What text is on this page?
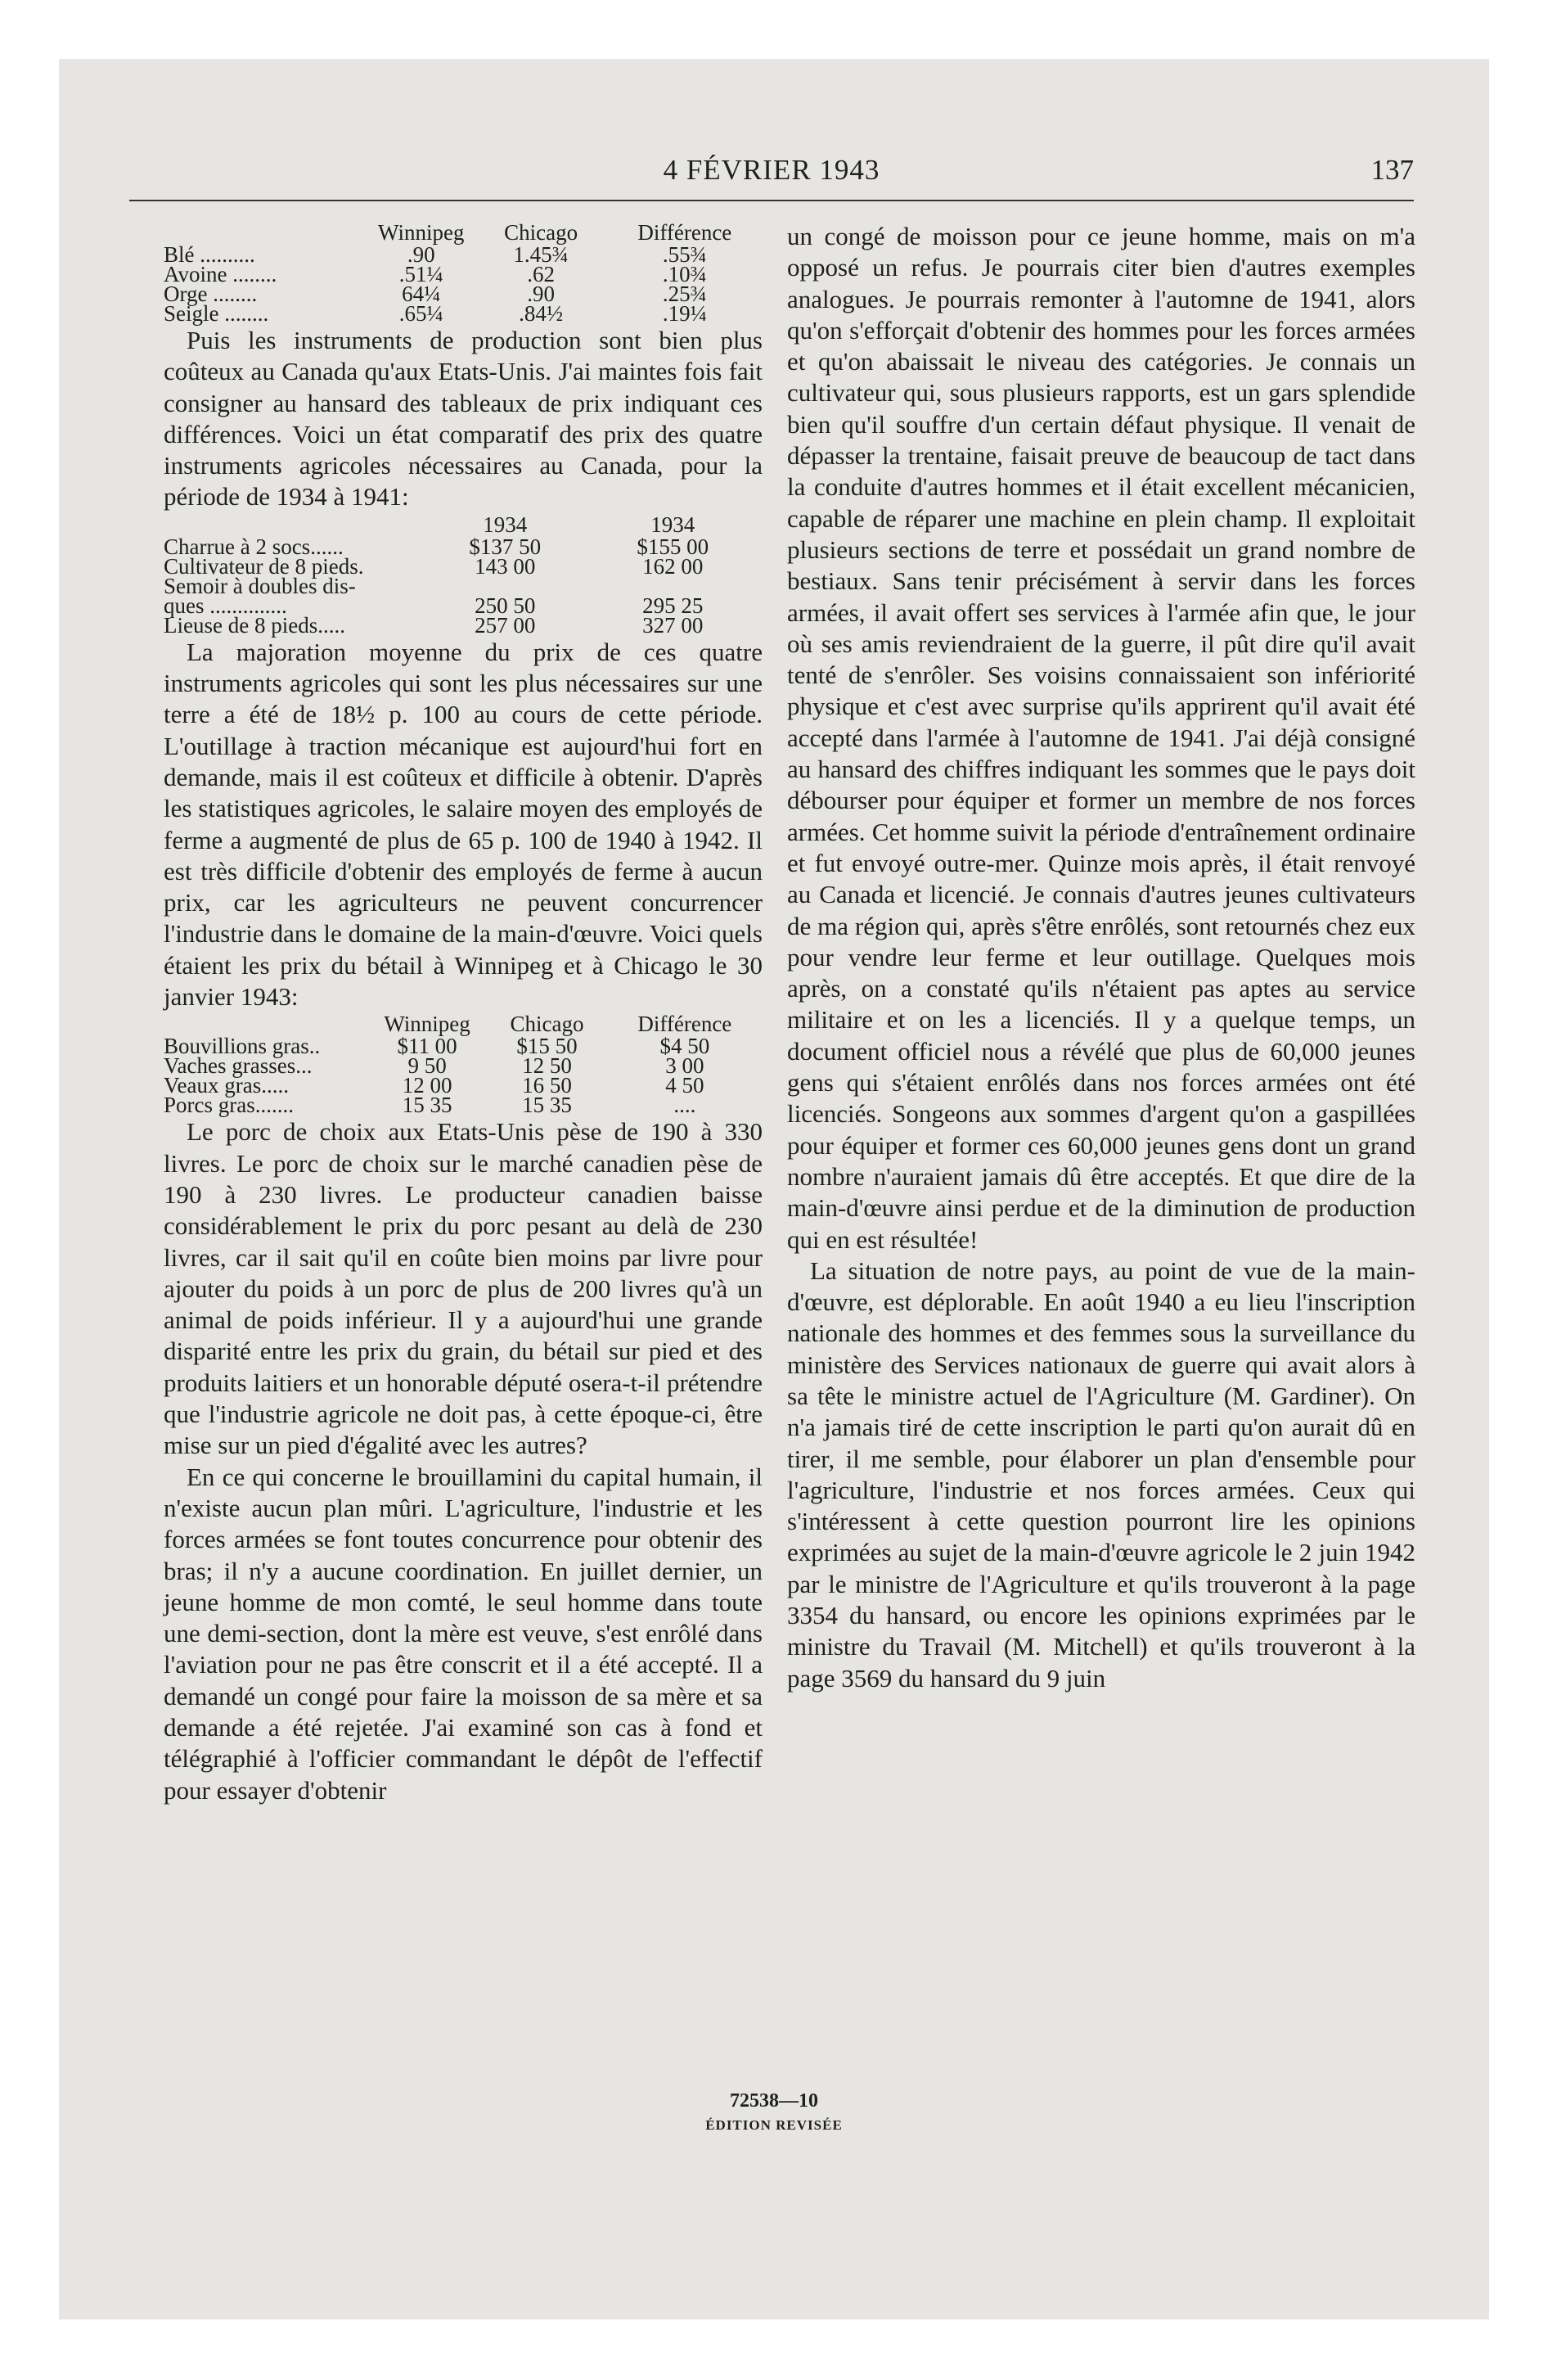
4 FÉVRIER 1943	137
	Winnipeg	Chicago	Différence
Blé ..........	.90	1.45¾	.55¾
Avoine ........	.51¼	.62	.10¾
Orge ........	64¼	.90	.25¾
Seigle ........	.65¼	.84½	.19¼

Puis les instruments de production sont bien plus coûteux au Canada qu'aux Etats-Unis. J'ai maintes fois fait consigner au hansard des tableaux de prix indiquant ces différences. Voici un état comparatif des prix des quatre instruments agricoles nécessaires au Canada, pour la période de 1934 à 1941:

	1934	1934
Charrue à 2 socs......	$137 50	$155 00
Cultivateur de 8 pieds.	143 00	162 00
Semoir à doubles dis-		
ques ..............	250 50	295 25
Lieuse de 8 pieds.....	257 00	327 00

La majoration moyenne du prix de ces quatre instruments agricoles qui sont les plus nécessaires sur une terre a été de 18½ p. 100 au cours de cette période. L'outillage à traction mécanique est aujourd'hui fort en demande, mais il est coûteux et difficile à obtenir. D'après les statistiques agricoles, le salaire moyen des employés de ferme a augmenté de plus de 65 p. 100 de 1940 à 1942. Il est très difficile d'obtenir des employés de ferme à aucun prix, car les agriculteurs ne peuvent concurrencer l'industrie dans le domaine de la main-d'œuvre. Voici quels étaient les prix du bétail à Winnipeg et à Chicago le 30 janvier 1943:

	Winnipeg	Chicago	Différence
Bouvillions gras..	$11 00	$15 50	$4 50
Vaches grasses...	9 50	12 50	3 00
Veaux gras.....	12 00	16 50	4 50
Porcs gras.......	15 35	15 35	....

Le porc de choix aux Etats-Unis pèse de 190 à 330 livres. Le porc de choix sur le marché canadien pèse de 190 à 230 livres. Le producteur canadien baisse considérablement le prix du porc pesant au delà de 230 livres, car il sait qu'il en coûte bien moins par livre pour ajouter du poids à un porc de plus de 200 livres qu'à un animal de poids inférieur. Il y a aujourd'hui une grande disparité entre les prix du grain, du bétail sur pied et des produits laitiers et un honorable député osera-t-il prétendre que l'industrie agricole ne doit pas, à cette époque-ci, être mise sur un pied d'égalité avec les autres?

En ce qui concerne le brouillamini du capital humain, il n'existe aucun plan mûri. L'agriculture, l'industrie et les forces armées se font toutes concurrence pour obtenir des bras; il n'y a aucune coordination. En juillet dernier, un jeune homme de mon comté, le seul homme dans toute une demi-section, dont la mère est veuve, s'est enrôlé dans l'aviation pour ne pas être conscrit et il a été accepté. Il a demandé un congé pour faire la moisson de sa mère et sa demande a été rejetée. J'ai examiné son cas à fond et télégraphié à l'officier commandant le dépôt de l'effectif pour essayer d'obtenir

un congé de moisson pour ce jeune homme, mais on m'a opposé un refus. Je pourrais citer bien d'autres exemples analogues. Je pourrais remonter à l'automne de 1941, alors qu'on s'efforçait d'obtenir des hommes pour les forces armées et qu'on abaissait le niveau des catégories. Je connais un cultivateur qui, sous plusieurs rapports, est un gars splendide bien qu'il souffre d'un certain défaut physique. Il venait de dépasser la trentaine, faisait preuve de beaucoup de tact dans la conduite d'autres hommes et il était excellent mécanicien, capable de réparer une machine en plein champ. Il exploitait plusieurs sections de terre et possédait un grand nombre de bestiaux. Sans tenir précisément à servir dans les forces armées, il avait offert ses services à l'armée afin que, le jour où ses amis reviendraient de la guerre, il pût dire qu'il avait tenté de s'enrôler. Ses voisins connaissaient son infériorité physique et c'est avec surprise qu'ils apprirent qu'il avait été accepté dans l'armée à l'automne de 1941. J'ai déjà consigné au hansard des chiffres indiquant les sommes que le pays doit débourser pour équiper et former un membre de nos forces armées. Cet homme suivit la période d'entraînement ordinaire et fut envoyé outre-mer. Quinze mois après, il était renvoyé au Canada et licencié. Je connais d'autres jeunes cultivateurs de ma région qui, après s'être enrôlés, sont retournés chez eux pour vendre leur ferme et leur outillage. Quelques mois après, on a constaté qu'ils n'étaient pas aptes au service militaire et on les a licenciés. Il y a quelque temps, un document officiel nous a révélé que plus de 60,000 jeunes gens qui s'étaient enrôlés dans nos forces armées ont été licenciés. Songeons aux sommes d'argent qu'on a gaspillées pour équiper et former ces 60,000 jeunes gens dont un grand nombre n'auraient jamais dû être acceptés. Et que dire de la main-d'œuvre ainsi perdue et de la diminution de production qui en est résultée!

La situation de notre pays, au point de vue de la main-d'œuvre, est déplorable. En août 1940 a eu lieu l'inscription nationale des hommes et des femmes sous la surveillance du ministère des Services nationaux de guerre qui avait alors à sa tête le ministre actuel de l'Agriculture (M. Gardiner). On n'a jamais tiré de cette inscription le parti qu'on aurait dû en tirer, il me semble, pour élaborer un plan d'ensemble pour l'agriculture, l'industrie et nos forces armées. Ceux qui s'intéressent à cette question pourront lire les opinions exprimées au sujet de la main-d'œuvre agricole le 2 juin 1942 par le ministre de l'Agriculture et qu'ils trouveront à la page 3354 du hansard, ou encore les opinions exprimées par le ministre du Travail (M. Mitchell) et qu'ils trouveront à la page 3569 du hansard du 9 juin

72538—10
ÉDITION REVISÉE
